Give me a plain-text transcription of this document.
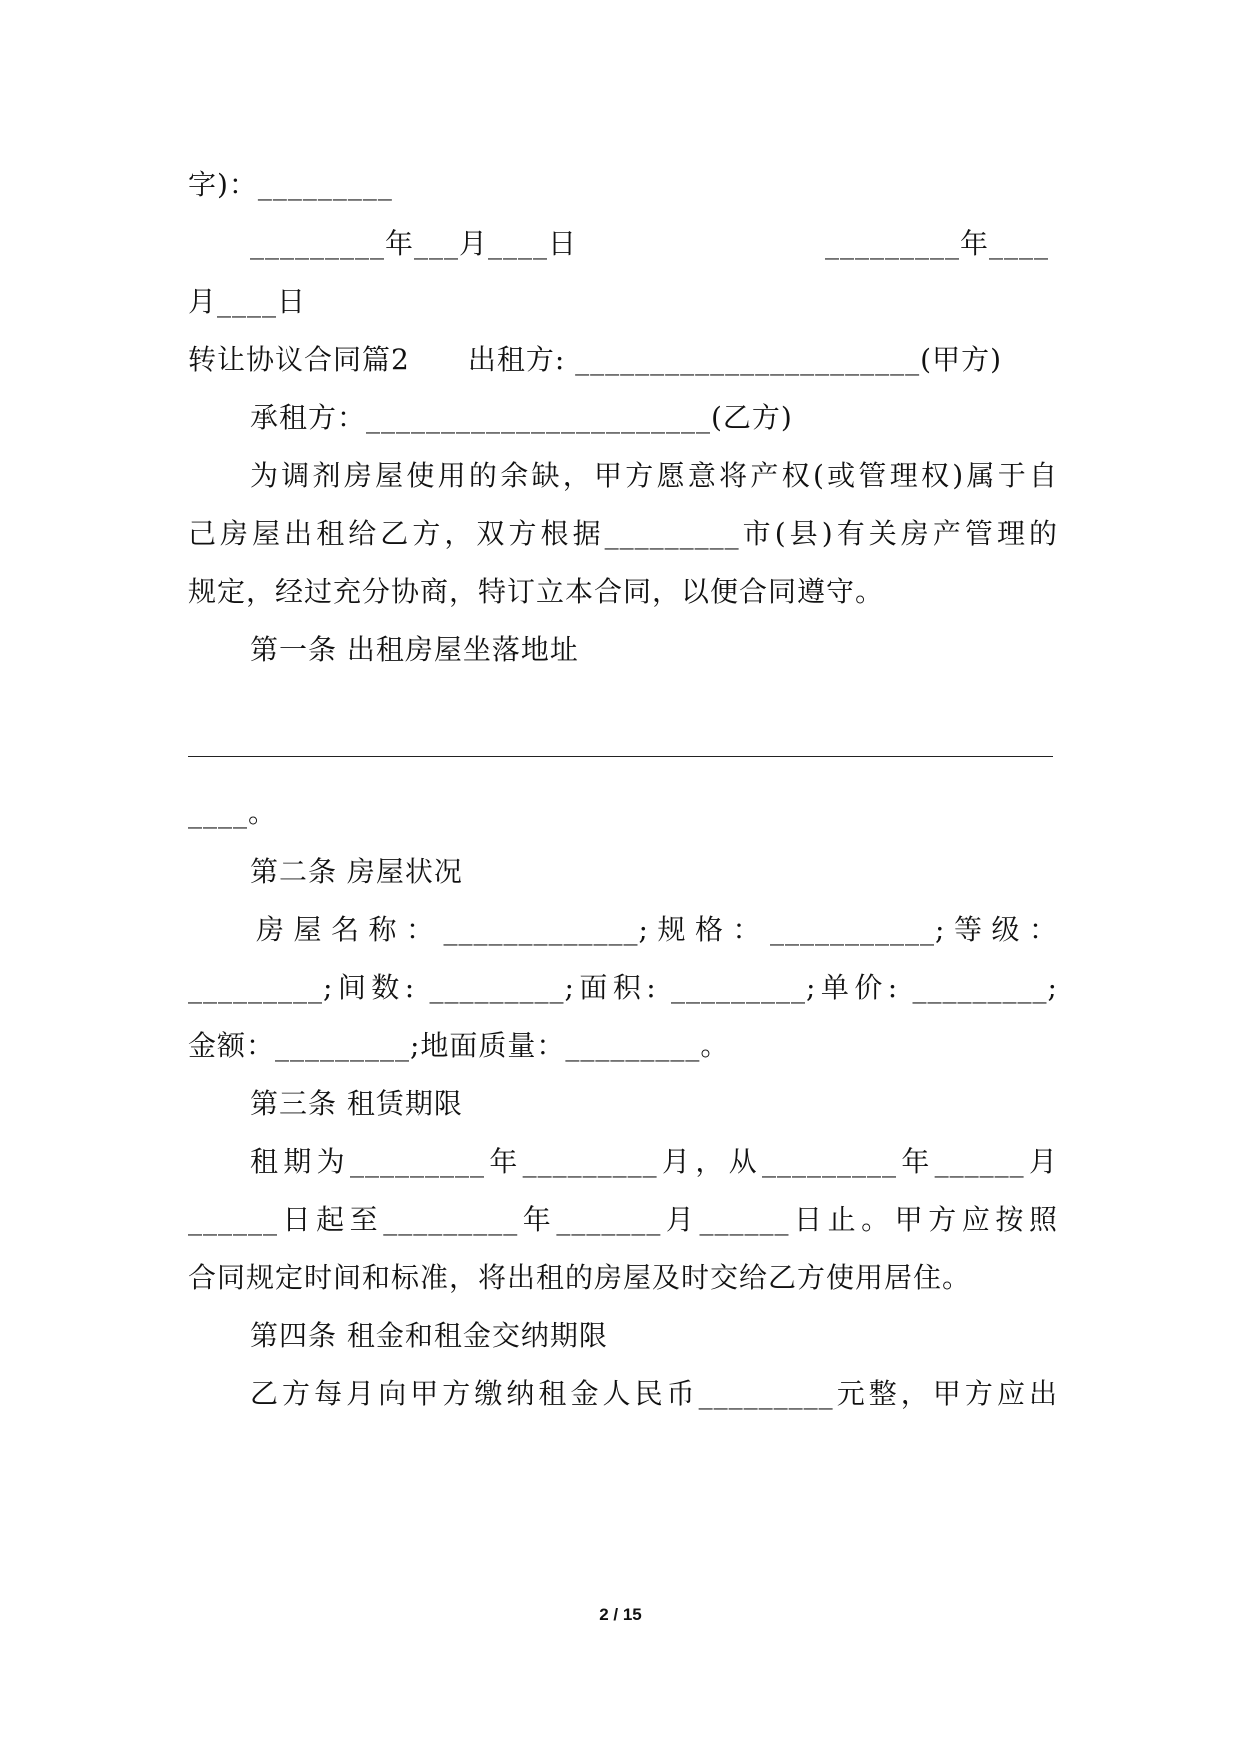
字)：_________
_________年___月____日	_________年____
月____日
转让协议合同篇2　　出租方: _______________________(甲方)
承租方：_______________________(乙方)
为调剂房屋使用的余缺，甲方愿意将产权(或管理权)属于自
己房屋出租给乙方，双方根据_________市(县)有关房产管理的
规定，经过充分协商，特订立本合同，以便合同遵守。
第一条 出租房屋坐落地址
____。
第二条 房屋状况
房屋名称：_____________;规格：___________;等级：
_________;间数: _________;面积: _________;单价: _________;
金额：_________;地面质量：_________。
第三条 租赁期限
租期为_________年_________月，从_________年______月
______日起至_________年_______月______日止。甲方应按照
合同规定时间和标准，将出租的房屋及时交给乙方使用居住。
第四条 租金和租金交纳期限
乙方每月向甲方缴纳租金人民币_________元整，甲方应出
2 / 15
